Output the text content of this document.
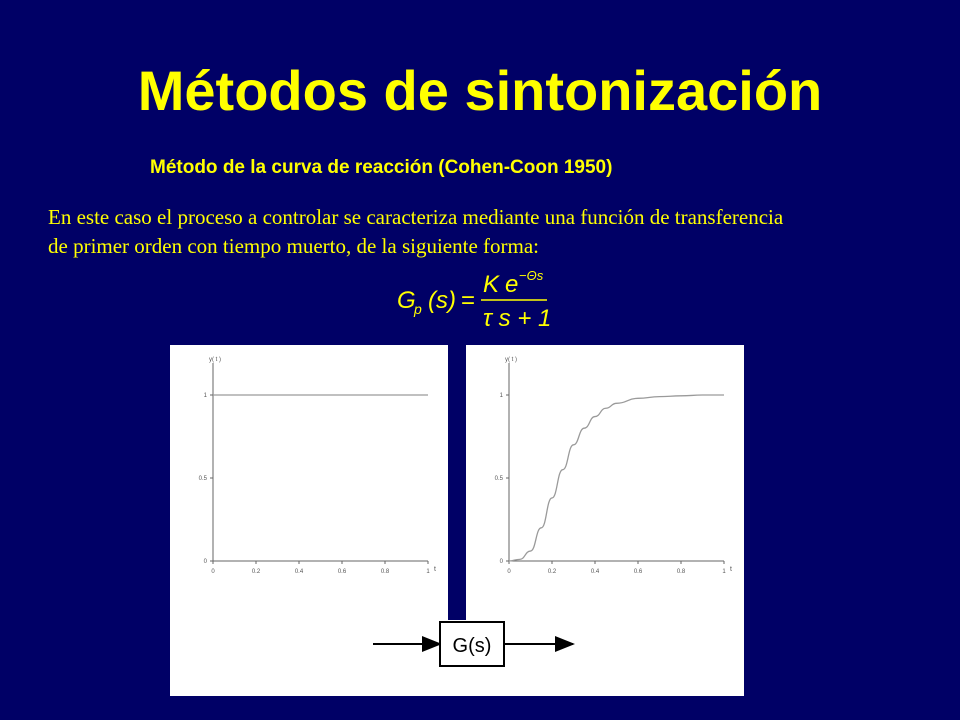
Métodos de sintonización
Método de la curva de reacción (Cohen-Coon 1950)
En este caso el proceso a controlar se caracteriza mediante una función de transferencia
de primer orden con tiempo muerto, de la siguiente forma:
G
p (s) =
K e −Θs
τ s + 1
y( t )
t
0
0.5
1
0	0.2	0.4	0.6	0.8	1
y( t )
t
0
0.5
1
0	0.2	0.4	0.6	0.8	1
G(s)
